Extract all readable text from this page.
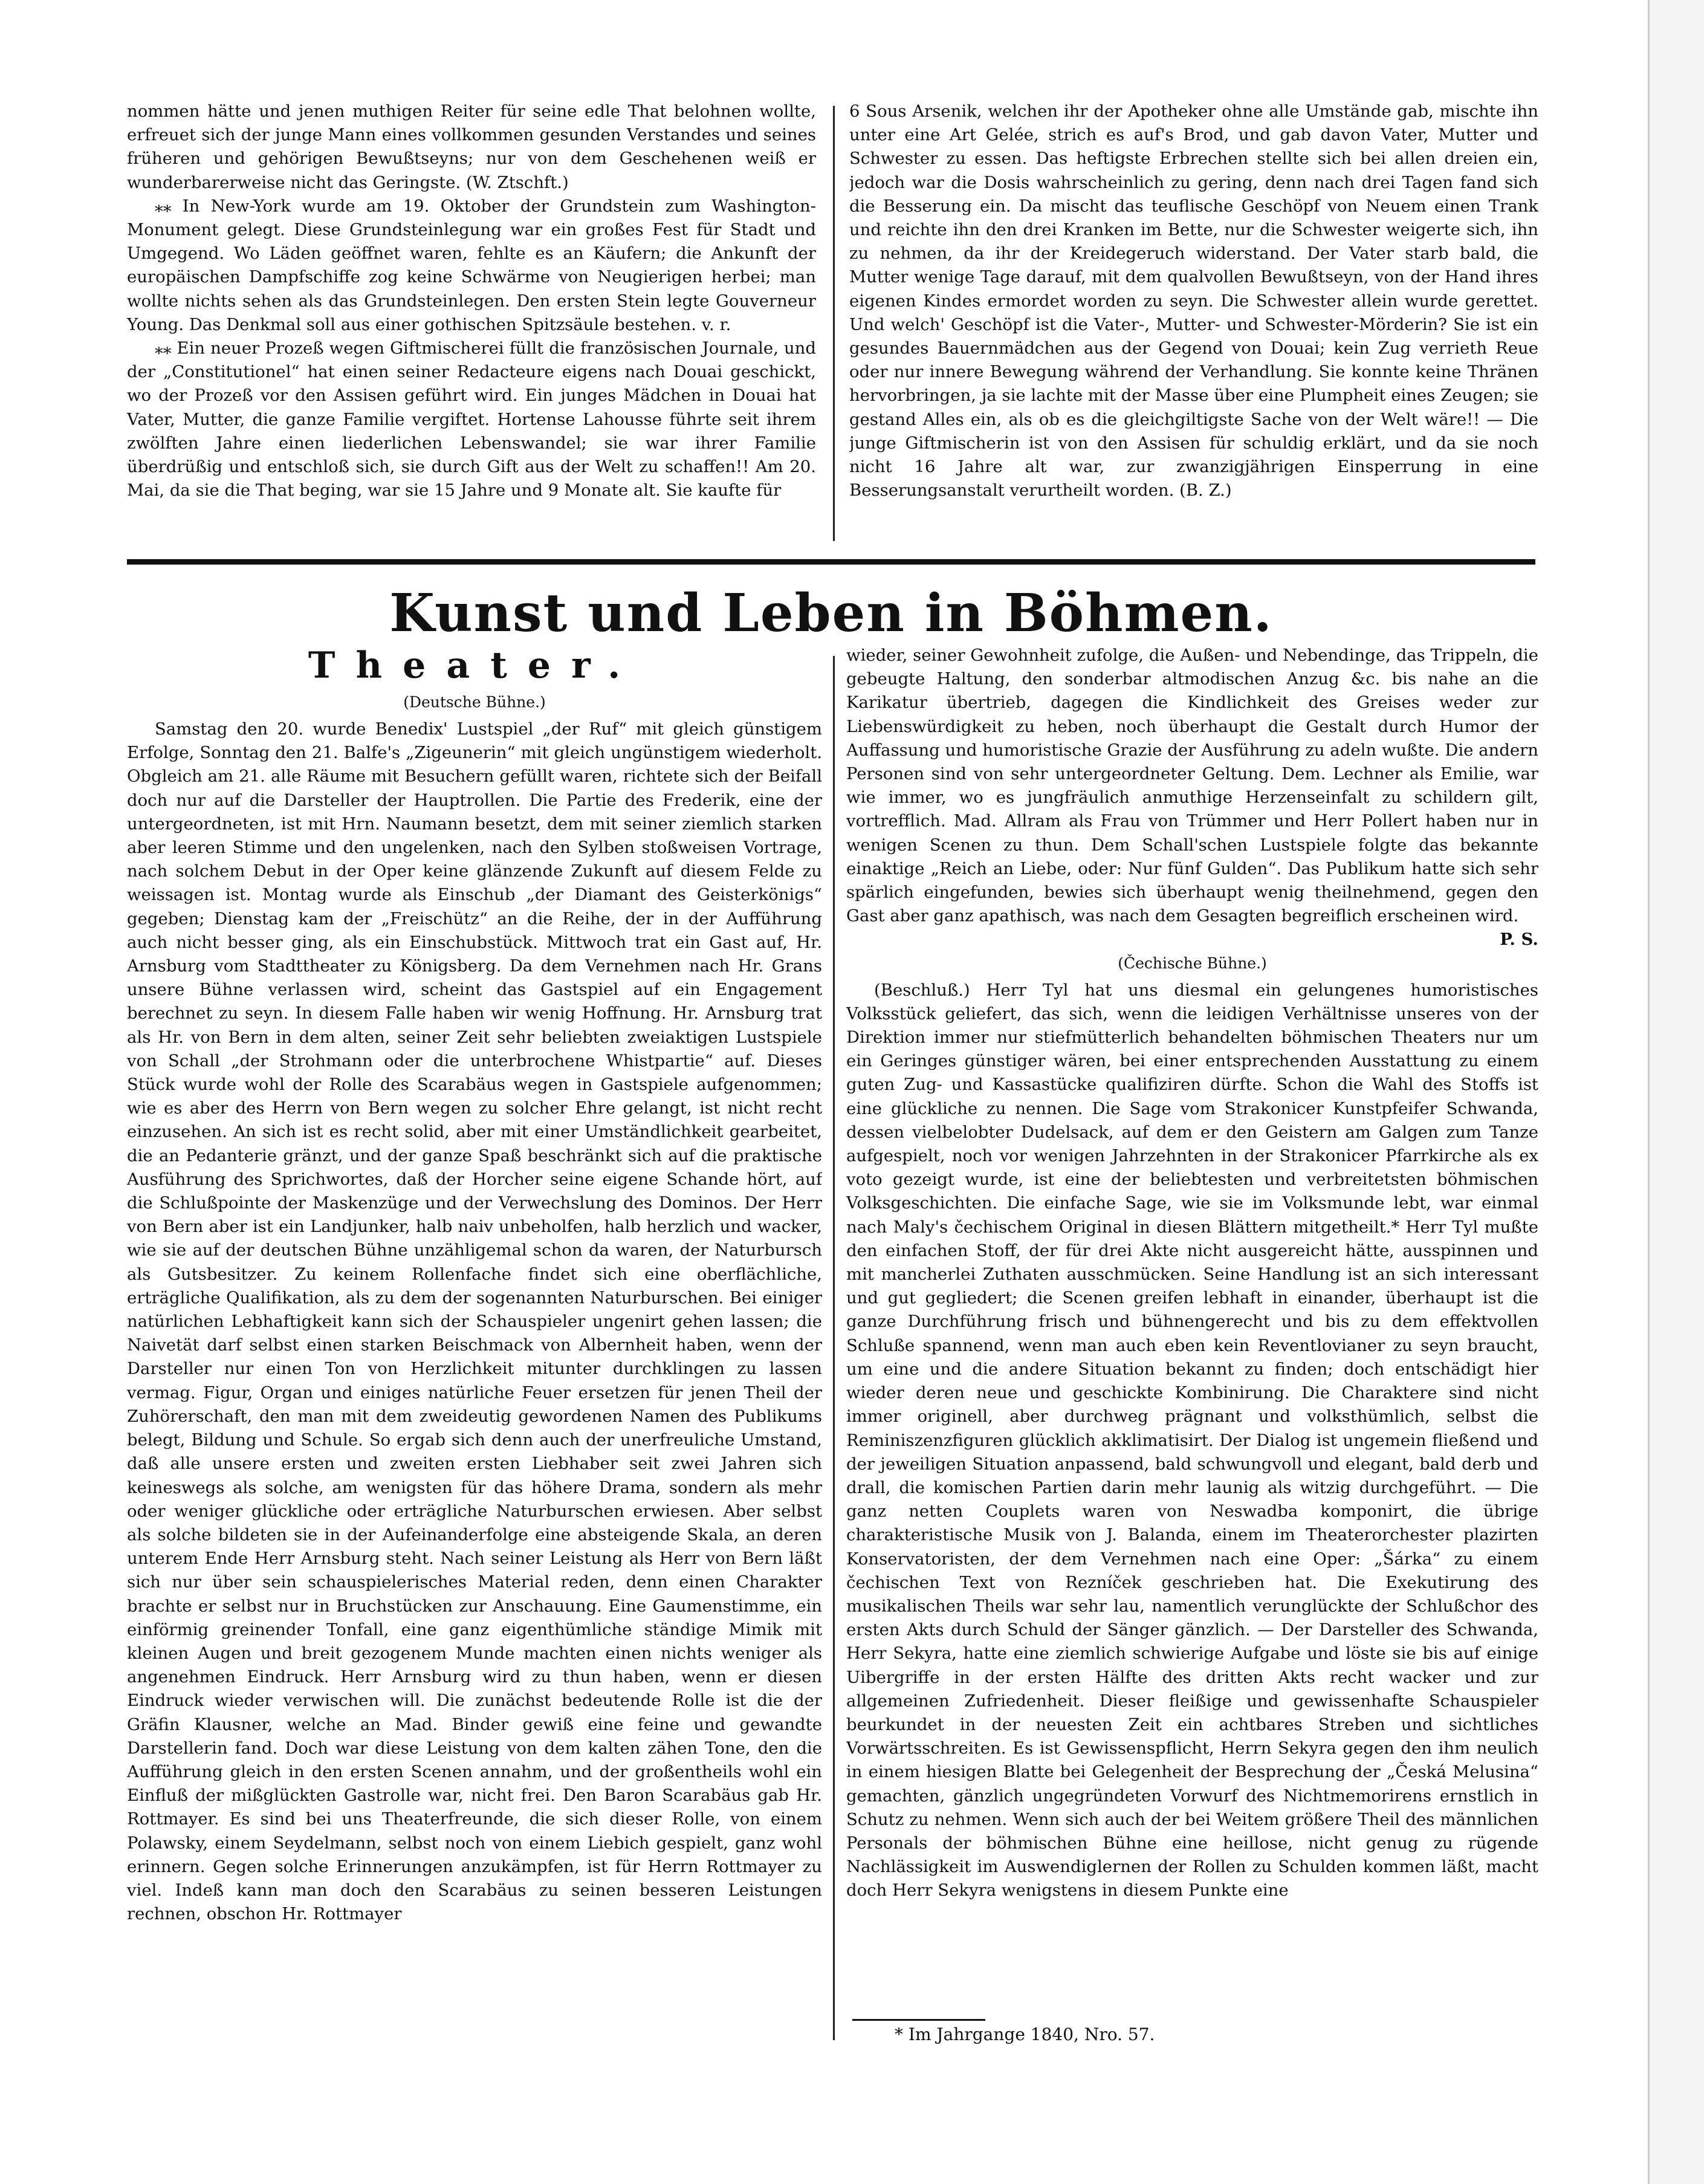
nommen hätte und jenen muthigen Reiter für seine edle That belohnen wollte, erfreuet sich der junge Mann eines vollkommen gesunden Verstandes und seines früheren und gehörigen Bewußtseyns; nur von dem Geschehenen weiß er wunderbarerweise nicht das Geringste. (W. Ztschft.)

⁎⁎ In New-York wurde am 19. Oktober der Grundstein zum Washington-Monument gelegt. Diese Grundsteinlegung war ein großes Fest für Stadt und Umgegend. Wo Läden geöffnet waren, fehlte es an Käufern; die Ankunft der europäischen Dampfschiffe zog keine Schwärme von Neugierigen herbei; man wollte nichts sehen als das Grundsteinlegen. Den ersten Stein legte Gouverneur Young. Das Denkmal soll aus einer gothischen Spitzsäule bestehen. v. r.

⁎⁎ Ein neuer Prozeß wegen Giftmischerei füllt die französischen Journale, und der „Constitutionel“ hat einen seiner Redacteure eigens nach Douai geschickt, wo der Prozeß vor den Assisen geführt wird. Ein junges Mädchen in Douai hat Vater, Mutter, die ganze Familie vergiftet. Hortense Lahousse führte seit ihrem zwölften Jahre einen liederlichen Lebenswandel; sie war ihrer Familie überdrüßig und entschloß sich, sie durch Gift aus der Welt zu schaffen!! Am 20. Mai, da sie die That beging, war sie 15 Jahre und 9 Monate alt. Sie kaufte für

6 Sous Arsenik, welchen ihr der Apotheker ohne alle Umstände gab, mischte ihn unter eine Art Gelée, strich es auf's Brod, und gab davon Vater, Mutter und Schwester zu essen. Das heftigste Erbrechen stellte sich bei allen dreien ein, jedoch war die Dosis wahrscheinlich zu gering, denn nach drei Tagen fand sich die Besserung ein. Da mischt das teuflische Geschöpf von Neuem einen Trank und reichte ihn den drei Kranken im Bette, nur die Schwester weigerte sich, ihn zu nehmen, da ihr der Kreidegeruch widerstand. Der Vater starb bald, die Mutter wenige Tage darauf, mit dem qualvollen Bewußtseyn, von der Hand ihres eigenen Kindes ermordet worden zu seyn. Die Schwester allein wurde gerettet. Und welch' Geschöpf ist die Vater-, Mutter- und Schwester-Mörderin? Sie ist ein gesundes Bauernmädchen aus der Gegend von Douai; kein Zug verrieth Reue oder nur innere Bewegung während der Verhandlung. Sie konnte keine Thränen hervorbringen, ja sie lachte mit der Masse über eine Plumpheit eines Zeugen; sie gestand Alles ein, als ob es die gleichgiltigste Sache von der Welt wäre!! — Die junge Giftmischerin ist von den Assisen für schuldig erklärt, und da sie noch nicht 16 Jahre alt war, zur zwanzigjährigen Einsperrung in eine Besserungsanstalt verurtheilt worden. (B. Z.)

Kunst und Leben in Böhmen.
Theater.
(Deutsche Bühne.)

Samstag den 20. wurde Benedix' Lustspiel „der Ruf“ mit gleich günstigem Erfolge, Sonntag den 21. Balfe's „Zigeunerin“ mit gleich ungünstigem wiederholt. Obgleich am 21. alle Räume mit Besuchern gefüllt waren, richtete sich der Beifall doch nur auf die Darsteller der Hauptrollen. Die Partie des Frederik, eine der untergeordneten, ist mit Hrn. Naumann besetzt, dem mit seiner ziemlich starken aber leeren Stimme und den ungelenken, nach den Sylben stoßweisen Vortrage, nach solchem Debut in der Oper keine glänzende Zukunft auf diesem Felde zu weissagen ist. Montag wurde als Einschub „der Diamant des Geisterkönigs“ gegeben; Dienstag kam der „Freischütz“ an die Reihe, der in der Aufführung auch nicht besser ging, als ein Einschubstück. Mittwoch trat ein Gast auf, Hr. Arnsburg vom Stadttheater zu Königsberg. Da dem Vernehmen nach Hr. Grans unsere Bühne verlassen wird, scheint das Gastspiel auf ein Engagement berechnet zu seyn. In diesem Falle haben wir wenig Hoffnung. Hr. Arnsburg trat als Hr. von Bern in dem alten, seiner Zeit sehr beliebten zweiaktigen Lustspiele von Schall „der Strohmann oder die unterbrochene Whistpartie“ auf. Dieses Stück wurde wohl der Rolle des Scarabäus wegen in Gastspiele aufgenommen; wie es aber des Herrn von Bern wegen zu solcher Ehre gelangt, ist nicht recht einzusehen. An sich ist es recht solid, aber mit einer Umständlichkeit gearbeitet, die an Pedanterie gränzt, und der ganze Spaß beschränkt sich auf die praktische Ausführung des Sprichwortes, daß der Horcher seine eigene Schande hört, auf die Schlußpointe der Maskenzüge und der Verwechslung des Dominos. Der Herr von Bern aber ist ein Landjunker, halb naiv unbeholfen, halb herzlich und wacker, wie sie auf der deutschen Bühne unzähligemal schon da waren, der Naturbursch als Gutsbesitzer. Zu keinem Rollenfache findet sich eine oberflächliche, erträgliche Qualifikation, als zu dem der sogenannten Naturburschen. Bei einiger natürlichen Lebhaftigkeit kann sich der Schauspieler ungenirt gehen lassen; die Naivetät darf selbst einen starken Beischmack von Albernheit haben, wenn der Darsteller nur einen Ton von Herzlichkeit mitunter durchklingen zu lassen vermag. Figur, Organ und einiges natürliche Feuer ersetzen für jenen Theil der Zuhörerschaft, den man mit dem zweideutig gewordenen Namen des Publikums belegt, Bildung und Schule. So ergab sich denn auch der unerfreuliche Umstand, daß alle unsere ersten und zweiten ersten Liebhaber seit zwei Jahren sich keineswegs als solche, am wenigsten für das höhere Drama, sondern als mehr oder weniger glückliche oder erträgliche Naturburschen erwiesen. Aber selbst als solche bildeten sie in der Aufeinanderfolge eine absteigende Skala, an deren unterem Ende Herr Arnsburg steht. Nach seiner Leistung als Herr von Bern läßt sich nur über sein schauspielerisches Material reden, denn einen Charakter brachte er selbst nur in Bruchstücken zur Anschauung. Eine Gaumenstimme, ein einförmig greinender Tonfall, eine ganz eigenthümliche ständige Mimik mit kleinen Augen und breit gezogenem Munde machten einen nichts weniger als angenehmen Eindruck. Herr Arnsburg wird zu thun haben, wenn er diesen Eindruck wieder verwischen will. Die zunächst bedeutende Rolle ist die der Gräfin Klausner, welche an Mad. Binder gewiß eine feine und gewandte Darstellerin fand. Doch war diese Leistung von dem kalten zähen Tone, den die Aufführung gleich in den ersten Scenen annahm, und der großentheils wohl ein Einfluß der mißglückten Gastrolle war, nicht frei. Den Baron Scarabäus gab Hr. Rottmayer. Es sind bei uns Theaterfreunde, die sich dieser Rolle, von einem Polawsky, einem Seydelmann, selbst noch von einem Liebich gespielt, ganz wohl erinnern. Gegen solche Erinnerungen anzukämpfen, ist für Herrn Rottmayer zu viel. Indeß kann man doch den Scarabäus zu seinen besseren Leistungen rechnen, obschon Hr. Rottmayer

wieder, seiner Gewohnheit zufolge, die Außen- und Nebendinge, das Trippeln, die gebeugte Haltung, den sonderbar altmodischen Anzug &c. bis nahe an die Karikatur übertrieb, dagegen die Kindlichkeit des Greises weder zur Liebenswürdigkeit zu heben, noch überhaupt die Gestalt durch Humor der Auffassung und humoristische Grazie der Ausführung zu adeln wußte. Die andern Personen sind von sehr untergeordneter Geltung. Dem. Lechner als Emilie, war wie immer, wo es jungfräulich anmuthige Herzenseinfalt zu schildern gilt, vortrefflich. Mad. Allram als Frau von Trümmer und Herr Pollert haben nur in wenigen Scenen zu thun. Dem Schall'schen Lustspiele folgte das bekannte einaktige „Reich an Liebe, oder: Nur fünf Gulden“. Das Publikum hatte sich sehr spärlich eingefunden, bewies sich überhaupt wenig theilnehmend, gegen den Gast aber ganz apathisch, was nach dem Gesagten begreiflich erscheinen wird.

P. S.
(Čechische Bühne.)

(Beschluß.) Herr Tyl hat uns diesmal ein gelungenes humoristisches Volksstück geliefert, das sich, wenn die leidigen Verhältnisse unseres von der Direktion immer nur stiefmütterlich behandelten böhmischen Theaters nur um ein Geringes günstiger wären, bei einer entsprechenden Ausstattung zu einem guten Zug- und Kassastücke qualifiziren dürfte. Schon die Wahl des Stoffs ist eine glückliche zu nennen. Die Sage vom Strakonicer Kunstpfeifer Schwanda, dessen vielbelobter Dudelsack, auf dem er den Geistern am Galgen zum Tanze aufgespielt, noch vor wenigen Jahrzehnten in der Strakonicer Pfarrkirche als ex voto gezeigt wurde, ist eine der beliebtesten und verbreitetsten böhmischen Volksgeschichten. Die einfache Sage, wie sie im Volksmunde lebt, war einmal nach Maly's čechischem Original in diesen Blättern mitgetheilt.* Herr Tyl mußte den einfachen Stoff, der für drei Akte nicht ausgereicht hätte, ausspinnen und mit mancherlei Zuthaten ausschmücken. Seine Handlung ist an sich interessant und gut gegliedert; die Scenen greifen lebhaft in einander, überhaupt ist die ganze Durchführung frisch und bühnengerecht und bis zu dem effektvollen Schluße spannend, wenn man auch eben kein Reventlovianer zu seyn braucht, um eine und die andere Situation bekannt zu finden; doch entschädigt hier wieder deren neue und geschickte Kombinirung. Die Charaktere sind nicht immer originell, aber durchweg prägnant und volksthümlich, selbst die Reminiszenzfiguren glücklich akklimatisirt. Der Dialog ist ungemein fließend und der jeweiligen Situation anpassend, bald schwungvoll und elegant, bald derb und drall, die komischen Partien darin mehr launig als witzig durchgeführt. — Die ganz netten Couplets waren von Neswadba komponirt, die übrige charakteristische Musik von J. Balanda, einem im Theaterorchester plazirten Konservatoristen, der dem Vernehmen nach eine Oper: „Šárka“ zu einem čechischen Text von Rezníček geschrieben hat. Die Exekutirung des musikalischen Theils war sehr lau, namentlich verunglückte der Schlußchor des ersten Akts durch Schuld der Sänger gänzlich. — Der Darsteller des Schwanda, Herr Sekyra, hatte eine ziemlich schwierige Aufgabe und löste sie bis auf einige Uibergriffe in der ersten Hälfte des dritten Akts recht wacker und zur allgemeinen Zufriedenheit. Dieser fleißige und gewissenhafte Schauspieler beurkundet in der neuesten Zeit ein achtbares Streben und sichtliches Vorwärtsschreiten. Es ist Gewissenspflicht, Herrn Sekyra gegen den ihm neulich in einem hiesigen Blatte bei Gelegenheit der Besprechung der „Česká Melusina“ gemachten, gänzlich ungegründeten Vorwurf des Nichtmemorirens ernstlich in Schutz zu nehmen. Wenn sich auch der bei Weitem größere Theil des männlichen Personals der böhmischen Bühne eine heillose, nicht genug zu rügende Nachlässigkeit im Auswendiglernen der Rollen zu Schulden kommen läßt, macht doch Herr Sekyra wenigstens in diesem Punkte eine

* Im Jahrgange 1840, Nro. 57.
